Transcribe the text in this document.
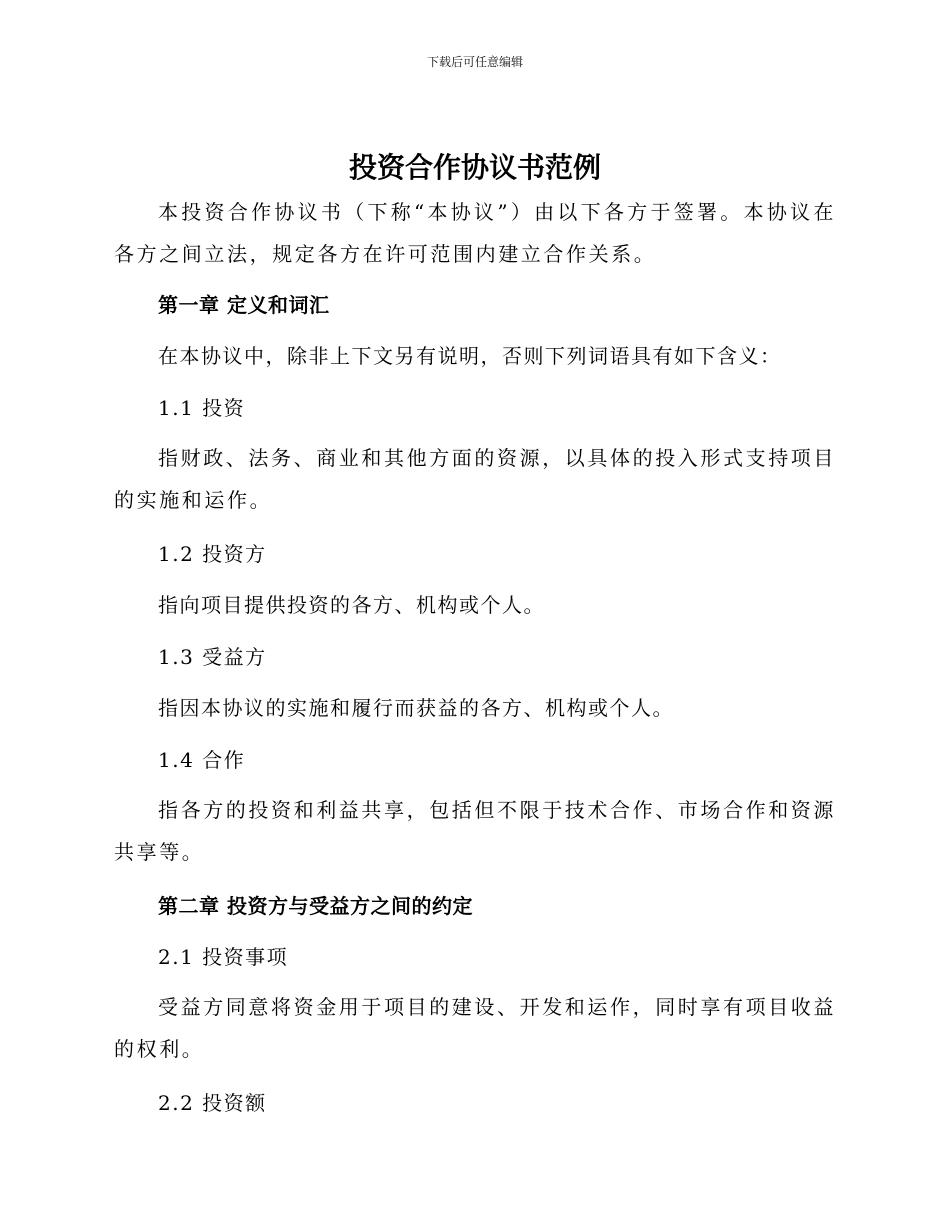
下载后可任意编辑
投资合作协议书范例

本投资合作协议书（下称“本协议”）由以下各方于签署。本协议在各方之间立法，规定各方在许可范围内建立合作关系。

第一章 定义和词汇
在本协议中，除非上下文另有说明，否则下列词语具有如下含义：
1.1 投资

指财政、法务、商业和其他方面的资源，以具体的投入形式支持项目的实施和运作。

1.2 投资方
指向项目提供投资的各方、机构或个人。
1.3 受益方
指因本协议的实施和履行而获益的各方、机构或个人。
1.4 合作

指各方的投资和利益共享，包括但不限于技术合作、市场合作和资源共享等。

第二章 投资方与受益方之间的约定
2.1 投资事项

受益方同意将资金用于项目的建设、开发和运作，同时享有项目收益的权利。

2.2 投资额
